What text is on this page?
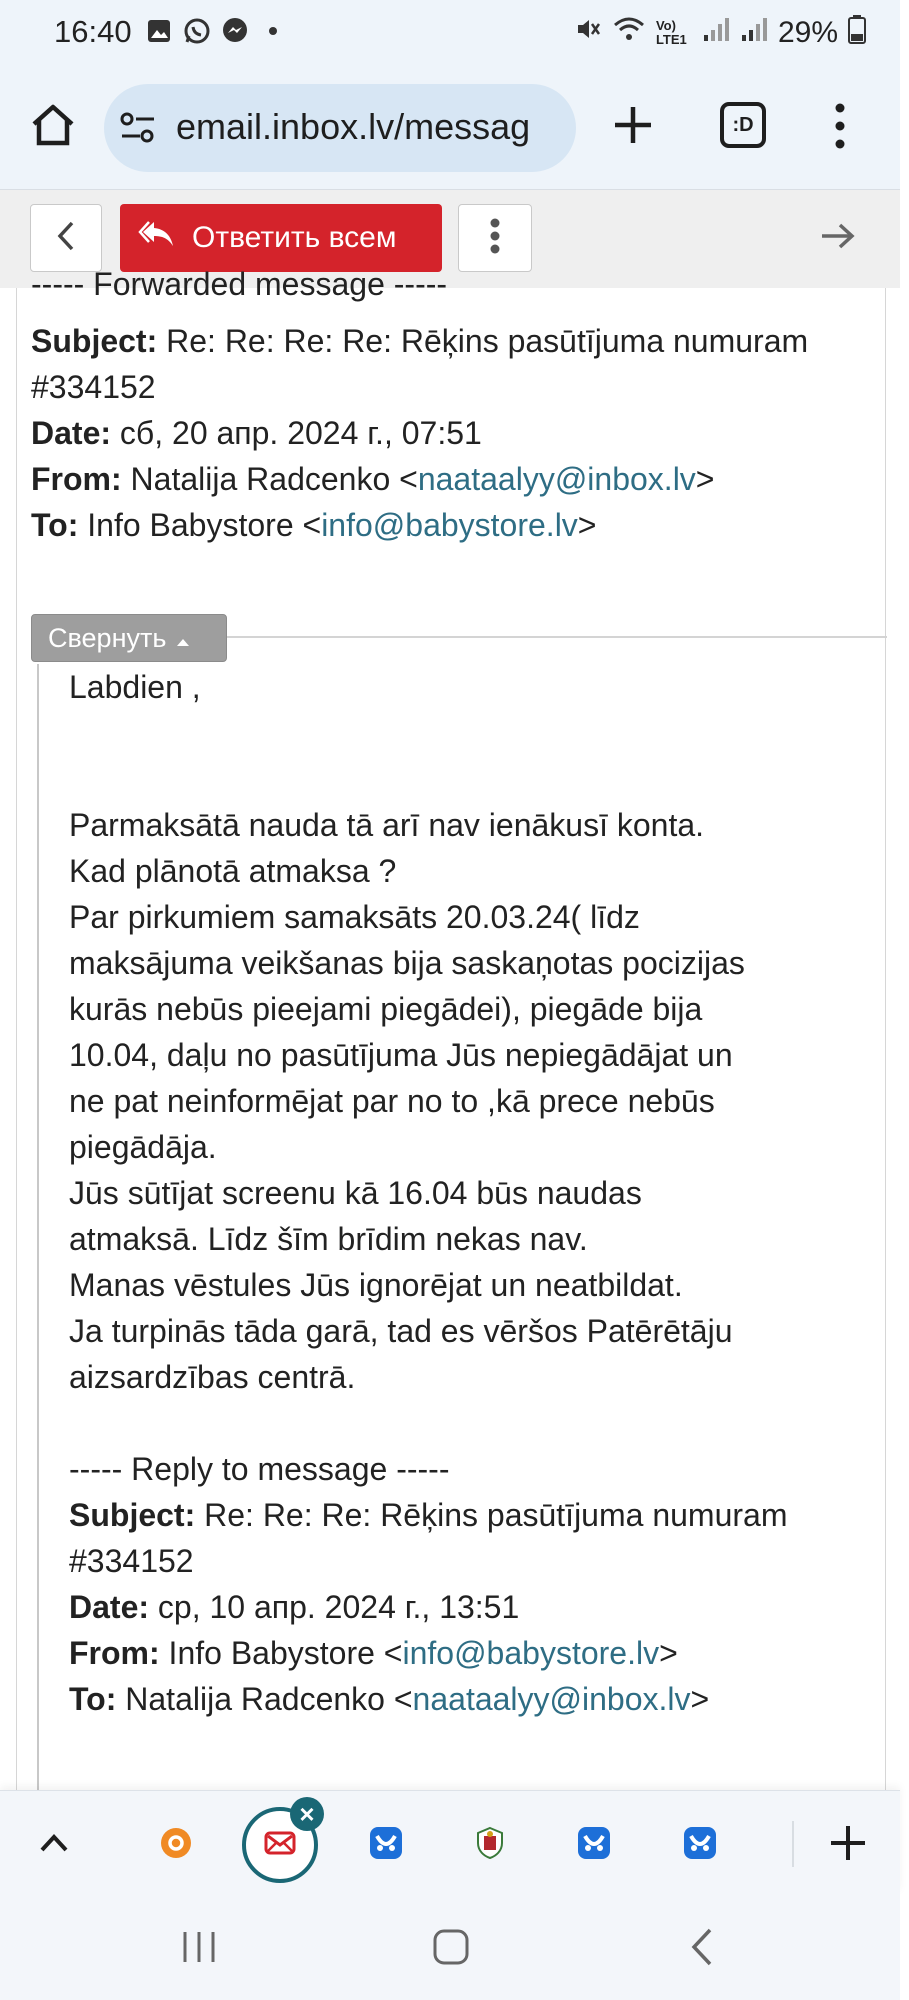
16:40	Vo) LTE1	29%
email.inbox.lv/messag	:D
Ответить всем
----- Forwarded message -----
Subject: Re: Re: Re: Re: Rēķins pasūtījuma numuram #334152
Date: сб, 20 апр. 2024 г., 07:51
From: Natalija Radcenko <naataalyy@inbox.lv>
To: Info Babystore <info@babystore.lv>
Свернуть
Labdien ,
Parmaksātā nauda tā arī nav ienākusī konta.
Kad plānotā atmaksa ?
Par pirkumiem samaksāts 20.03.24( līdz
maksājuma veikšanas bija saskaņotas pocizijas
kurās nebūs pieejami piegādei), piegāde bija
10.04, daļu no pasūtījuma Jūs nepiegādājat un
ne pat neinformējat par no to ,kā prece nebūs
piegādāja.
Jūs sūtījat screenu kā 16.04 būs naudas
atmaksā. Līdz šīm brīdim nekas nav.
Manas vēstules Jūs ignorējat un neatbildat.
Ja turpinās tāda garā, tad es vēršos Patērētāju
aizsardzības centrā.
----- Reply to message -----
Subject: Re: Re: Re: Rēķins pasūtījuma numuram #334152
Date: ср, 10 апр. 2024 г., 13:51
From: Info Babystore <info@babystore.lv>
To: Natalija Radcenko <naataalyy@inbox.lv>
×
